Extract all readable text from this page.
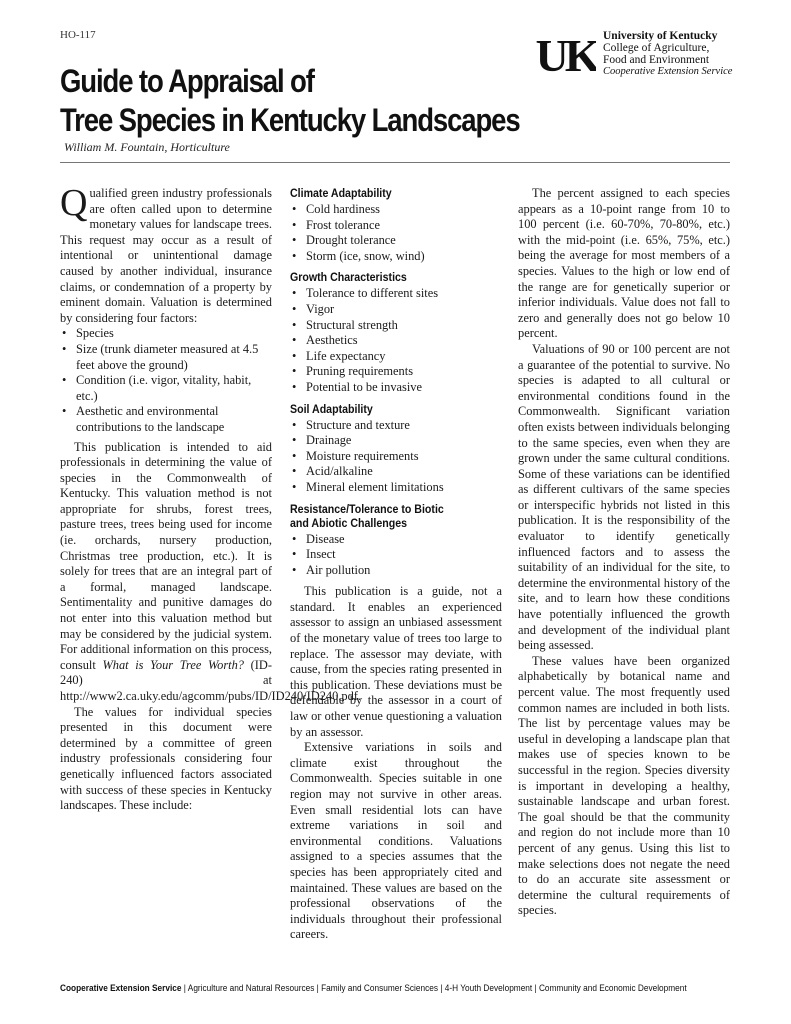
HO-117	UK University of Kentucky
College of Agriculture,
Food and Environment
Cooperative Extension Service
Guide to Appraisal of
Tree Species in Kentucky Landscapes
William M. Fountain, Horticulture

Qualified green industry professionals are often called upon to determine monetary values for landscape trees. This request may occur as a result of intentional or unintentional damage caused by another individual, insurance claims, or condemnation of a property by eminent domain. Valuation is determined by considering four factors:

• Species
• Size (trunk diameter measured at 4.5 feet above the ground)
• Condition (i.e. vigor, vitality, habit, etc.)
• Aesthetic and environmental contributions to the landscape

This publication is intended to aid professionals in determining the value of species in the Commonwealth of Kentucky. This valuation method is not appropriate for shrubs, forest trees, pasture trees, trees being used for income (ie. orchards, nursery production, Christmas tree production, etc.). It is solely for trees that are an integral part of a formal, managed landscape. Sentimentality and punitive damages do not enter into this valuation method but may be considered by the judicial system. For additional information on this process, consult What is Your Tree Worth? (ID-240) at http://www2.ca.uky.edu/agcomm/pubs/ID/ID240/ID240.pdf.

The values for individual species presented in this document were determined by a committee of green industry professionals considering four genetically influenced factors associated with success of these species in Kentucky landscapes. These include:

Climate Adaptability
• Cold hardiness
• Frost tolerance
• Drought tolerance
• Storm (ice, snow, wind)
Growth Characteristics
• Tolerance to different sites
• Vigor
• Structural strength
• Aesthetics
• Life expectancy
• Pruning requirements
• Potential to be invasive
Soil Adaptability
• Structure and texture
• Drainage
• Moisture requirements
• Acid/alkaline
• Mineral element limitations
Resistance/Tolerance to Biotic
and Abiotic Challenges
• Disease
• Insect
• Air pollution

This publication is a guide, not a standard. It enables an experienced assessor to assign an unbiased assessment of the monetary value of trees too large to replace. The assessor may deviate, with cause, from the species rating presented in this publication. These deviations must be defendable by the assessor in a court of law or other venue questioning a valuation by an assessor.

Extensive variations in soils and climate exist throughout the Commonwealth. Species suitable in one region may not survive in other areas. Even small residential lots can have extreme variations in soil and environmental conditions. Valuations assigned to a species assumes that the species has been appropriately cited and maintained. These values are based on the professional observations of the individuals throughout their professional careers.

The percent assigned to each species appears as a 10-point range from 10 to 100 percent (i.e. 60-70%, 70-80%, etc.) with the mid-point (i.e. 65%, 75%, etc.) being the average for most members of a species. Values to the high or low end of the range are for genetically superior or inferior individuals. Value does not fall to zero and generally does not go below 10 percent.

Valuations of 90 or 100 percent are not a guarantee of the potential to survive. No species is adapted to all cultural or environmental conditions found in the Commonwealth. Significant variation often exists between individuals belonging to the same species, even when they are grown under the same cultural conditions. Some of these variations can be identified as different cultivars of the same species or interspecific hybrids not listed in this publication. It is the responsibility of the evaluator to identify genetically influenced factors and to assess the suitability of an individual for the site, to determine the environmental history of the site, and to learn how these conditions have potentially influenced the growth and development of the individual plant being assessed.

These values have been organized alphabetically by botanical name and percent value. The most frequently used common names are included in both lists. The list by percentage values may be useful in developing a landscape plan that makes use of species known to be successful in the region. Species diversity is important in developing a healthy, sustainable landscape and urban forest. The goal should be that the community and region do not include more than 10 percent of any genus. Using this list to make selections does not negate the need to do an accurate site assessment or determine the cultural requirements of species.

Cooperative Extension Service | Agriculture and Natural Resources | Family and Consumer Sciences | 4-H Youth Development | Community and Economic Development
